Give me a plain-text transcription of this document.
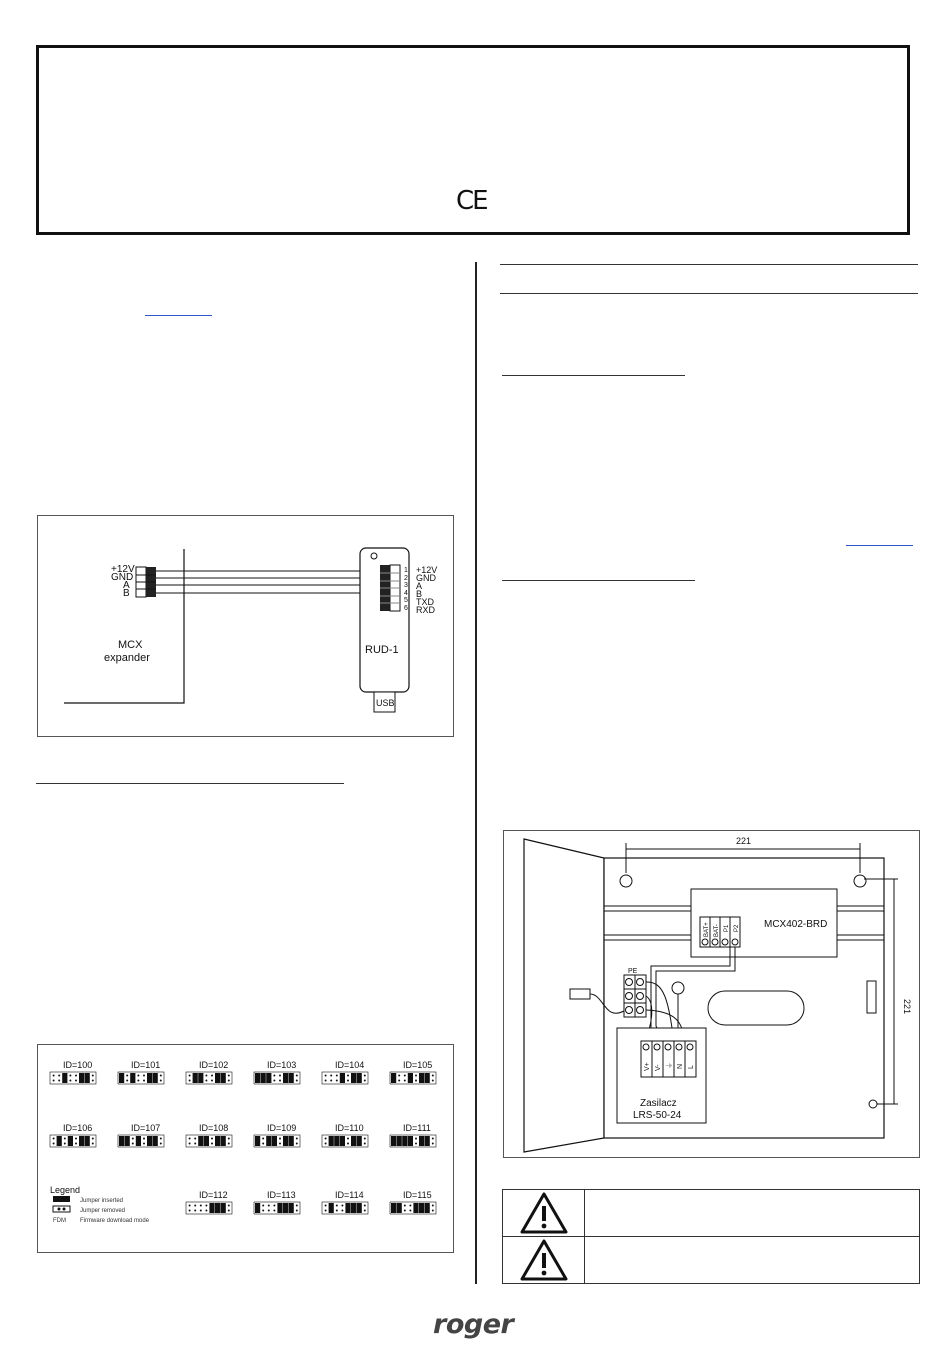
CE
+12V
GND
A
B
MCX
expander
1
2
3
4
5
6
+12V
GND
A
B
TXD
RXD
RUD-1
USB
ID=100	ID=101	ID=102	ID=103	ID=104	ID=105
ID=106	ID=107	ID=108	ID=109	ID=110	ID=111
ID=112	ID=113	ID=114	ID=115
Legend
Jumper inserted
Jumper removed
FDM Firmware download mode
221
221
MCX402-BRD
BAT+ BAT- P1 P2
PE
V+ V- ⏚ N L
Zasilacz
LRS-50-24
roger
